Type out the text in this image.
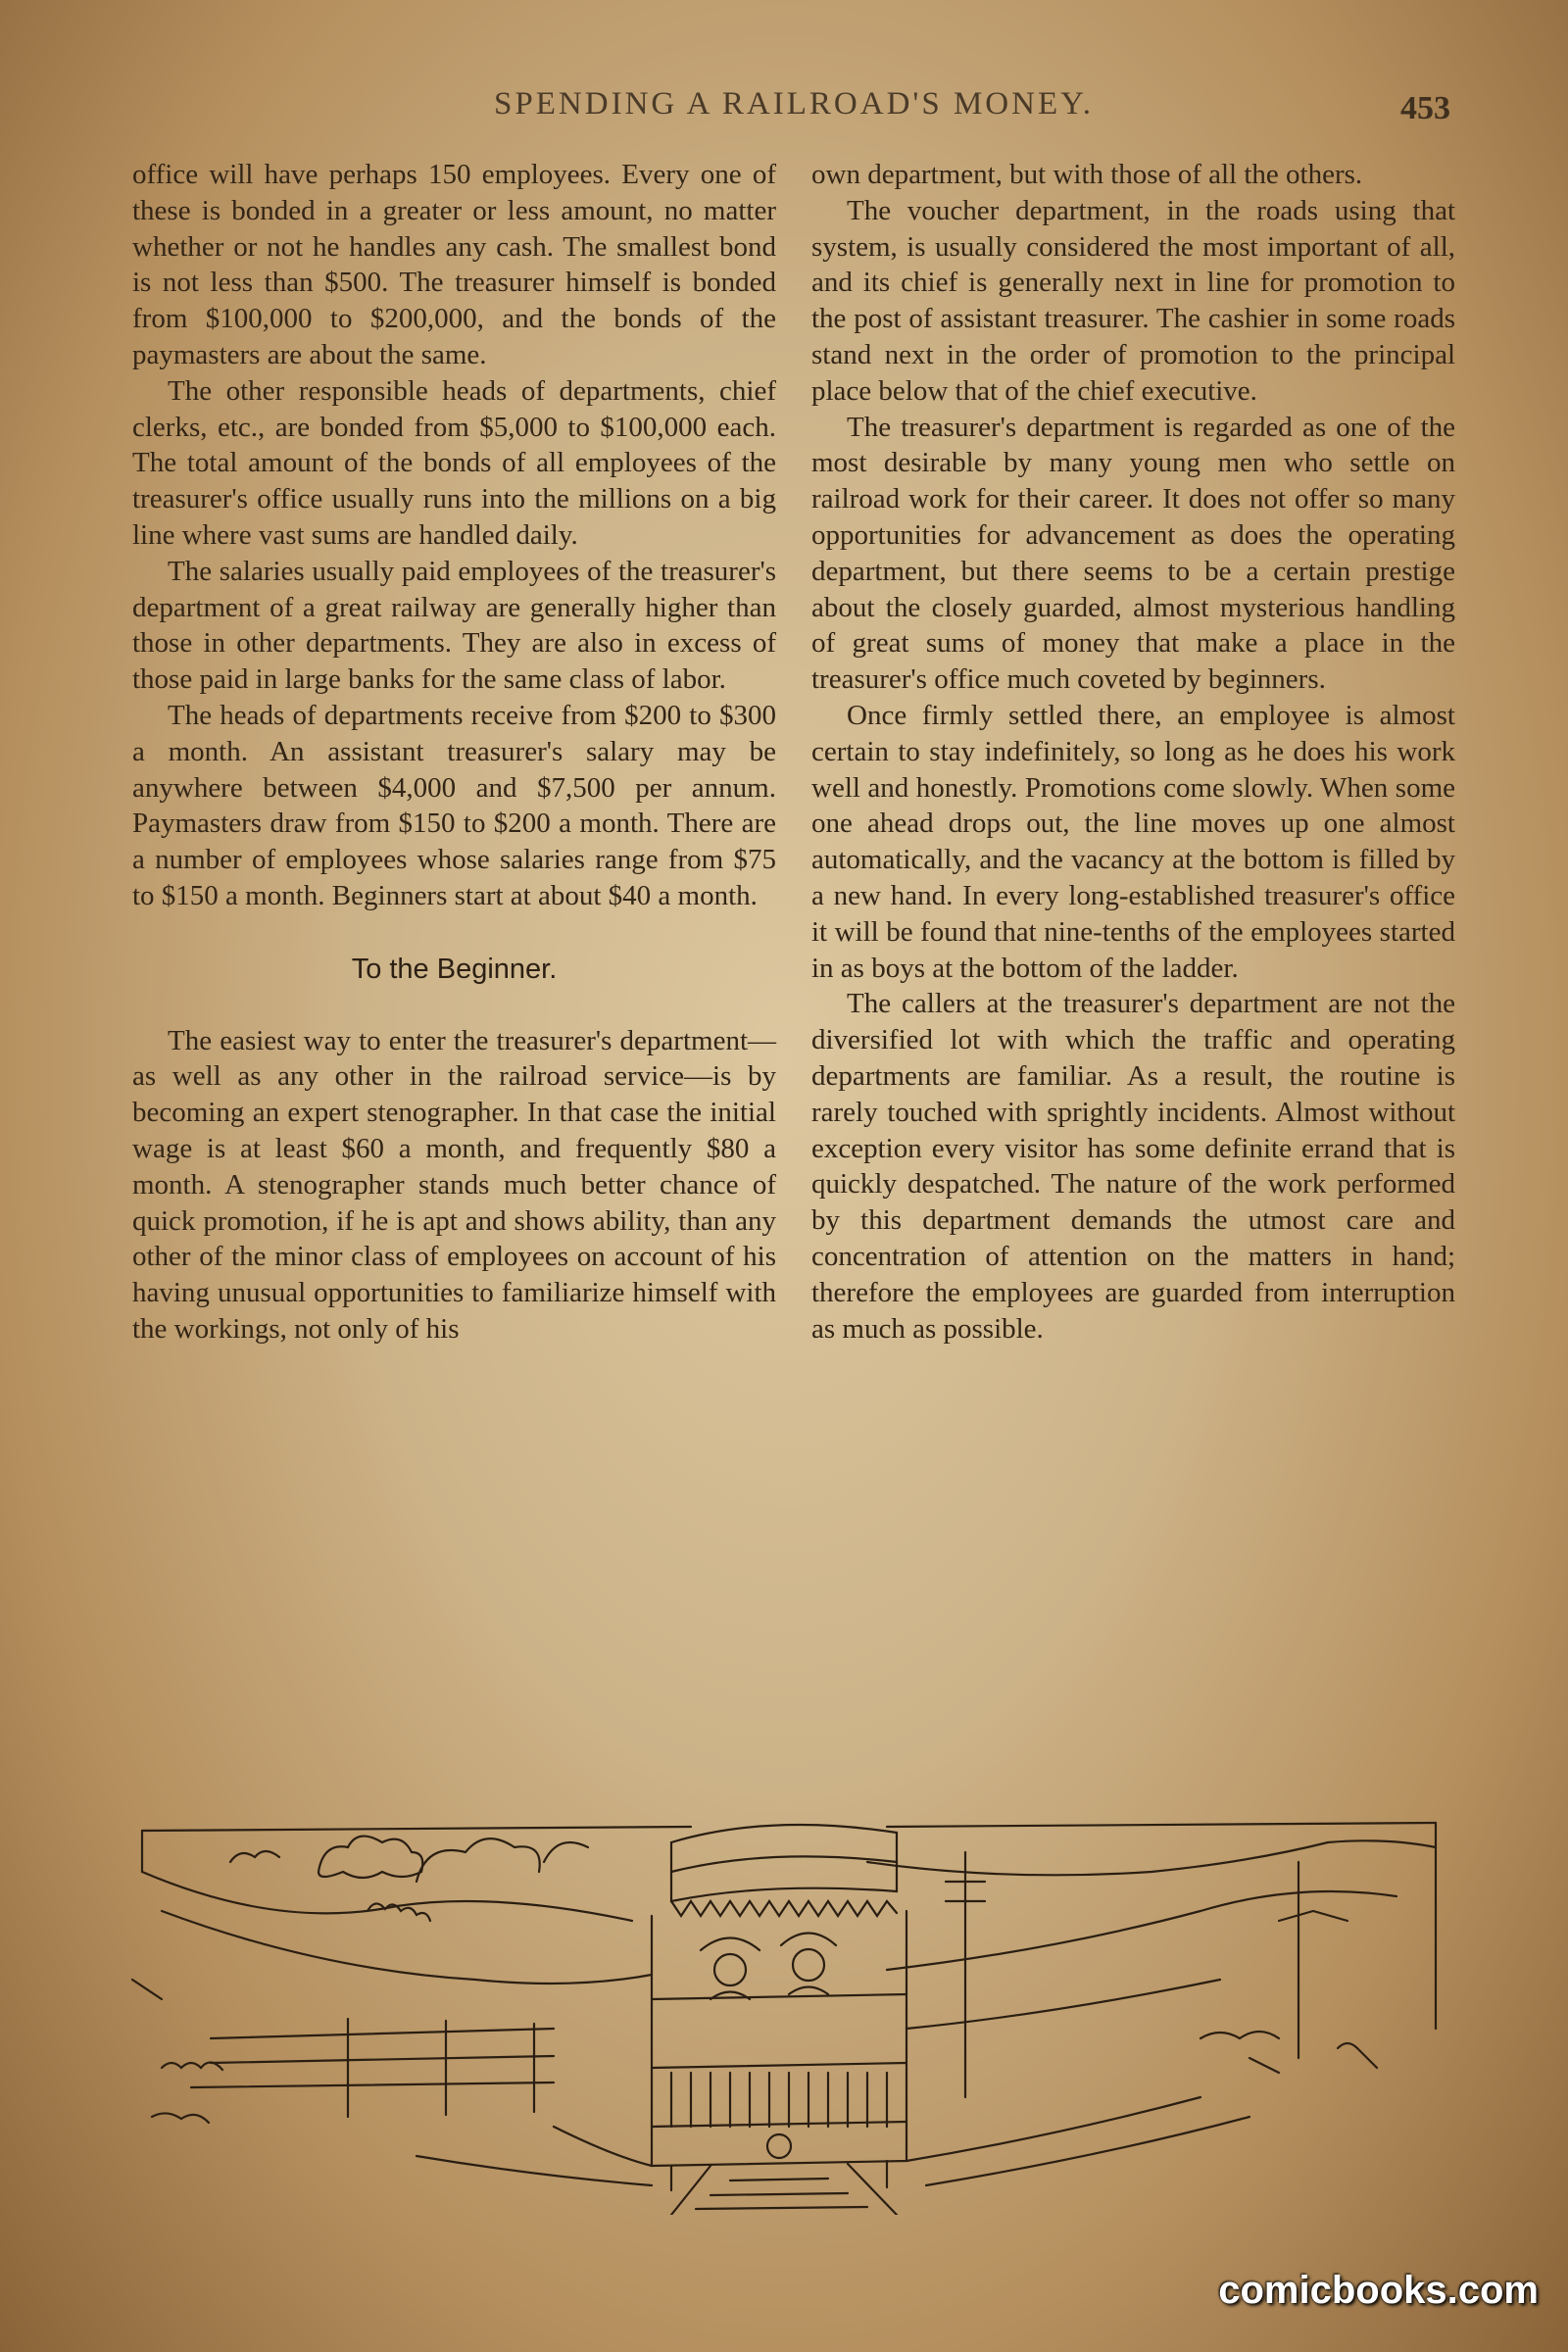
SPENDING A RAILROAD'S MONEY.	453

office will have perhaps 150 employees. Every one of these is bonded in a greater or less amount, no matter whether or not he handles any cash. The smallest bond is not less than $500. The treasurer himself is bonded from $100,000 to $200,000, and the bonds of the paymasters are about the same.

The other responsible heads of departments, chief clerks, etc., are bonded from $5,000 to $100,000 each. The total amount of the bonds of all employees of the treasurer's office usually runs into the millions on a big line where vast sums are handled daily.

The salaries usually paid employees of the treasurer's department of a great railway are generally higher than those in other departments. They are also in excess of those paid in large banks for the same class of labor.

The heads of departments receive from $200 to $300 a month. An assistant treasurer's salary may be anywhere between $4,000 and $7,500 per annum. Paymasters draw from $150 to $200 a month. There are a number of employees whose salaries range from $75 to $150 a month. Beginners start at about $40 a month.

To the Beginner.

The easiest way to enter the treasurer's department—as well as any other in the railroad service—is by becoming an expert stenographer. In that case the initial wage is at least $60 a month, and frequently $80 a month. A stenographer stands much better chance of quick promotion, if he is apt and shows ability, than any other of the minor class of employees on account of his having unusual opportunities to familiarize himself with the workings, not only of his

own department, but with those of all the others.

The voucher department, in the roads using that system, is usually considered the most important of all, and its chief is generally next in line for promotion to the post of assistant treasurer. The cashier in some roads stand next in the order of promotion to the principal place below that of the chief executive.

The treasurer's department is regarded as one of the most desirable by many young men who settle on railroad work for their career. It does not offer so many opportunities for advancement as does the operating department, but there seems to be a certain prestige about the closely guarded, almost mysterious handling of great sums of money that make a place in the treasurer's office much coveted by beginners.

Once firmly settled there, an employee is almost certain to stay indefinitely, so long as he does his work well and honestly. Promotions come slowly. When some one ahead drops out, the line moves up one almost automatically, and the vacancy at the bottom is filled by a new hand. In every long-established treasurer's office it will be found that nine-tenths of the employees started in as boys at the bottom of the ladder.

The callers at the treasurer's department are not the diversified lot with which the traffic and operating departments are familiar. As a result, the routine is rarely touched with sprightly incidents. Almost without exception every visitor has some definite errand that is quickly despatched. The nature of the work performed by this department demands the utmost care and concentration of attention on the matters in hand; therefore the employees are guarded from interruption as much as possible.

comicbooks.com
